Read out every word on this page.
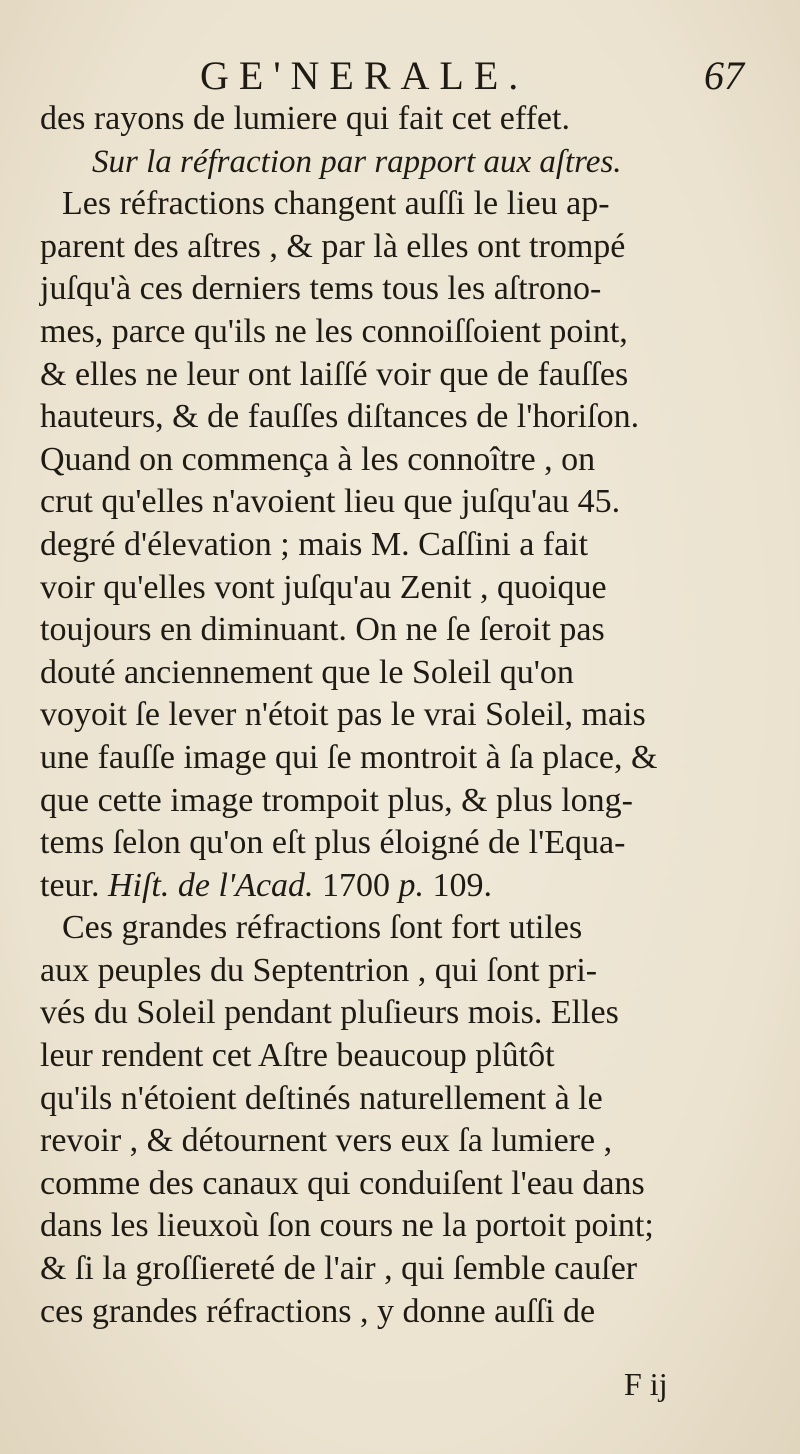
GE'NERALE.	67
des rayons de lumiere qui fait cet effet.
Sur la réfraction par rapport aux aſtres.
Les réfractions changent auſſi le lieu ap-
parent des aſtres , & par là elles ont trompé
juſqu'à ces derniers tems tous les aſtrono-
mes, parce qu'ils ne les connoiſſoient point,
& elles ne leur ont laiſſé voir que de fauſſes
hauteurs, & de fauſſes diſtances de l'horiſon.
Quand on commença à les connoître , on
crut qu'elles n'avoient lieu que juſqu'au 45.
degré d'élevation ; mais M. Caſſini a fait
voir qu'elles vont juſqu'au Zenit , quoique
toujours en diminuant. On ne ſe ſeroit pas
douté anciennement que le Soleil qu'on
voyoit ſe lever n'étoit pas le vrai Soleil, mais
une fauſſe image qui ſe montroit à ſa place, &
que cette image trompoit plus, & plus long-
tems ſelon qu'on eſt plus éloigné de l'Equa-
teur. Hiſt. de l'Acad. 1700 p. 109.
Ces grandes réfractions ſont fort utiles
aux peuples du Septentrion , qui ſont pri-
vés du Soleil pendant pluſieurs mois. Elles
leur rendent cet Aſtre beaucoup plûtôt
qu'ils n'étoient deſtinés naturellement à le
revoir , & détournent vers eux ſa lumiere ,
comme des canaux qui conduiſent l'eau dans
dans les lieuxoù ſon cours ne la portoit point;
& ſi la groſſiereté de l'air , qui ſemble cauſer
ces grandes réfractions , y donne auſſi de
F ij
